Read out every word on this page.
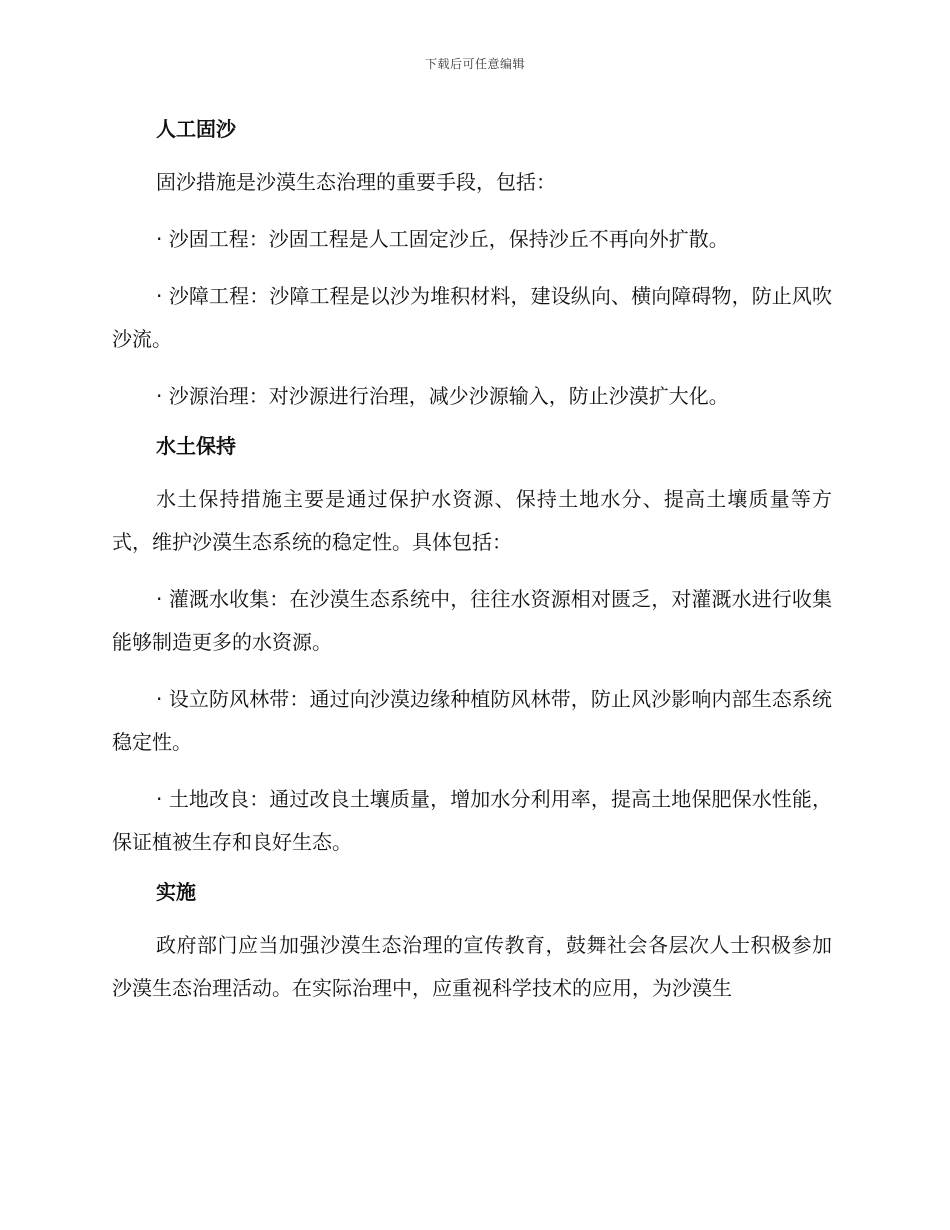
下载后可任意编辑
人工固沙

固沙措施是沙漠生态治理的重要手段，包括：

· 沙固工程：沙固工程是人工固定沙丘，保持沙丘不再向外扩散。

· 沙障工程：沙障工程是以沙为堆积材料，建设纵向、横向障碍物，防止风吹沙流。

· 沙源治理：对沙源进行治理，减少沙源输入，防止沙漠扩大化。

水土保持

水土保持措施主要是通过保护水资源、保持土地水分、提高土壤质量等方式，维护沙漠生态系统的稳定性。具体包括：

· 灌溉水收集：在沙漠生态系统中，往往水资源相对匮乏，对灌溉水进行收集能够制造更多的水资源。

· 设立防风林带：通过向沙漠边缘种植防风林带，防止风沙影响内部生态系统稳定性。

· 土地改良：通过改良土壤质量，增加水分利用率，提高土地保肥保水性能，保证植被生存和良好生态。

实施

政府部门应当加强沙漠生态治理的宣传教育，鼓舞社会各层次人士积极参加沙漠生态治理活动。在实际治理中，应重视科学技术的应用，为沙漠生
